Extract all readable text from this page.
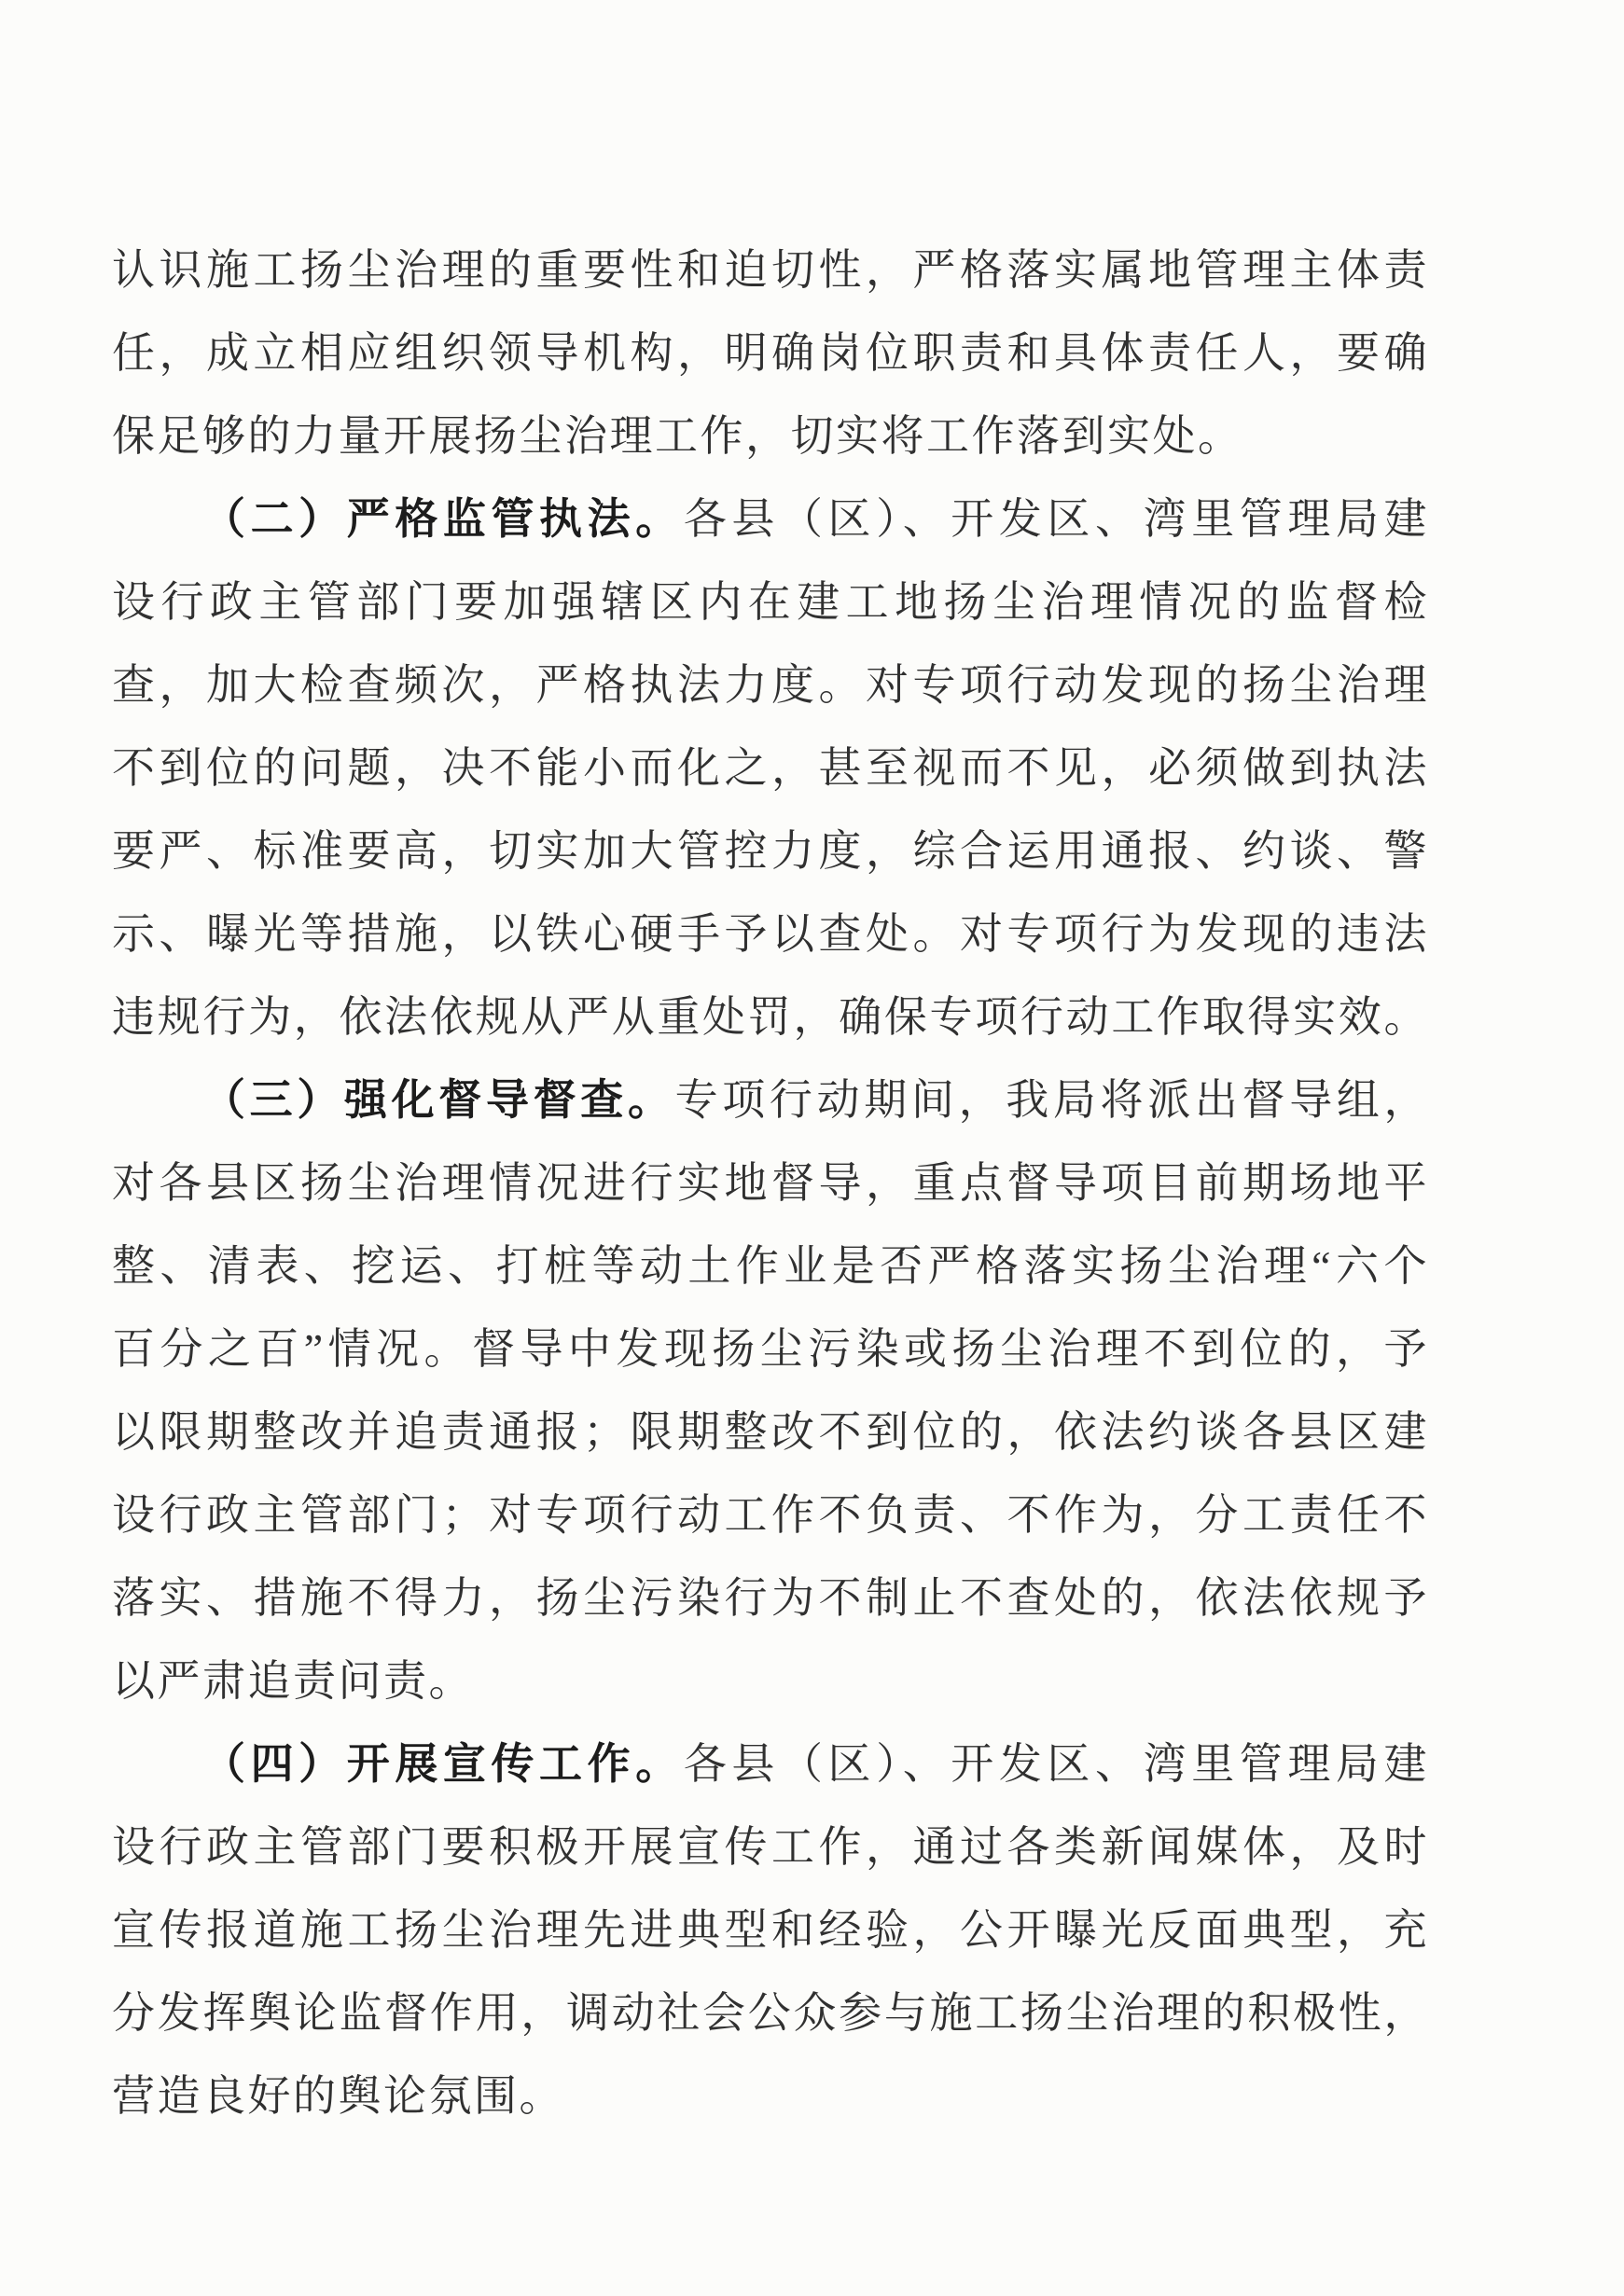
认识施工扬尘治理的重要性和迫切性，严格落实属地管理主体责
任，成立相应组织领导机构，明确岗位职责和具体责任人，要确
保足够的力量开展扬尘治理工作，切实将工作落到实处。
（二）严格监管执法。各县（区）、开发区、湾里管理局建
设行政主管部门要加强辖区内在建工地扬尘治理情况的监督检
查，加大检查频次，严格执法力度。对专项行动发现的扬尘治理
不到位的问题，决不能小而化之，甚至视而不见，必须做到执法
要严、标准要高，切实加大管控力度，综合运用通报、约谈、警
示、曝光等措施，以铁心硬手予以查处。对专项行为发现的违法
违规行为，依法依规从严从重处罚，确保专项行动工作取得实效。
（三）强化督导督查。专项行动期间，我局将派出督导组，
对各县区扬尘治理情况进行实地督导，重点督导项目前期场地平
整、清表、挖运、打桩等动土作业是否严格落实扬尘治理“六个
百分之百”情况。督导中发现扬尘污染或扬尘治理不到位的，予
以限期整改并追责通报；限期整改不到位的，依法约谈各县区建
设行政主管部门；对专项行动工作不负责、不作为，分工责任不
落实、措施不得力，扬尘污染行为不制止不查处的，依法依规予
以严肃追责问责。
（四）开展宣传工作。各县（区）、开发区、湾里管理局建
设行政主管部门要积极开展宣传工作，通过各类新闻媒体，及时
宣传报道施工扬尘治理先进典型和经验，公开曝光反面典型，充
分发挥舆论监督作用，调动社会公众参与施工扬尘治理的积极性，
营造良好的舆论氛围。
